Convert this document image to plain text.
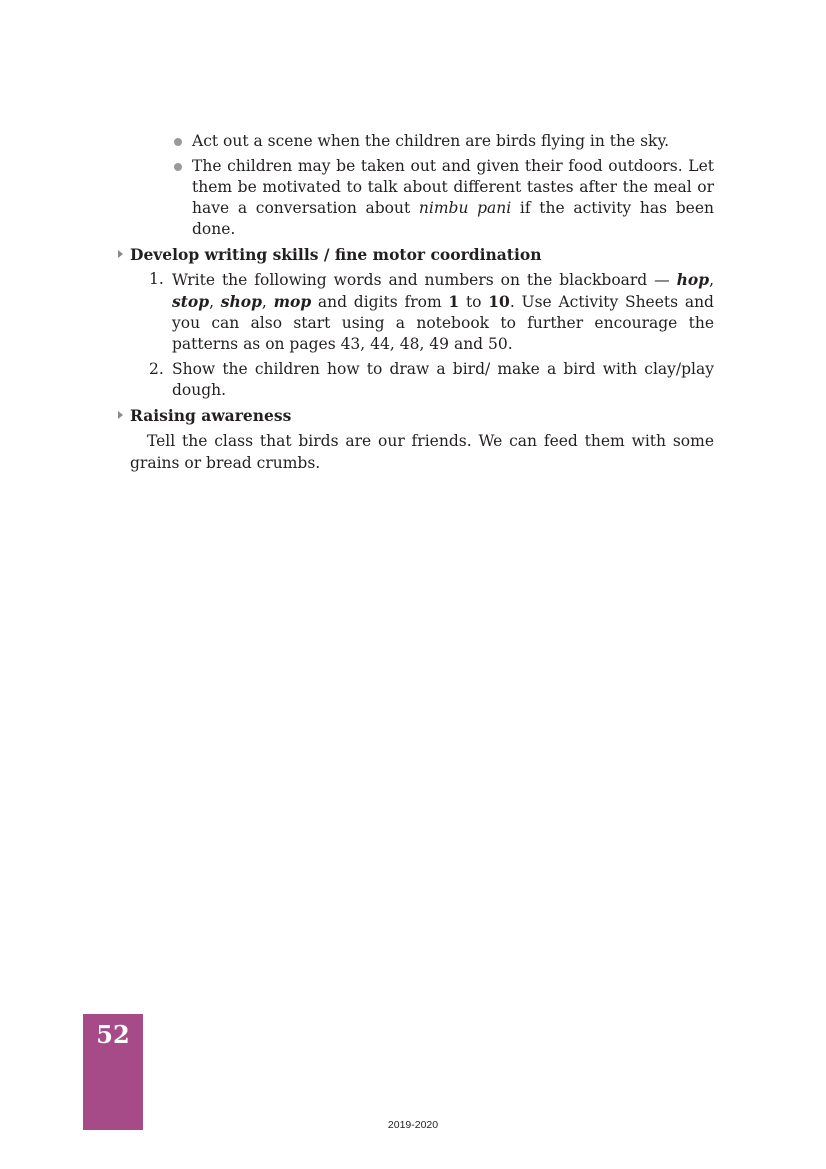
Act out a scene when the children are birds flying in the sky.
The children may be taken out and given their food outdoors. Let them be motivated to talk about different tastes after the meal or have a conversation about nimbu pani if the activity has been done.
Develop writing skills / fine motor coordination
1. Write the following words and numbers on the blackboard — hop, stop, shop, mop and digits from 1 to 10. Use Activity Sheets and you can also start using a notebook to further encourage the patterns as on pages 43, 44, 48, 49 and 50.
2. Show the children how to draw a bird/ make a bird with clay/play dough.
Raising awareness
Tell the class that birds are our friends. We can feed them with some grains or bread crumbs.
52
2019-2020
